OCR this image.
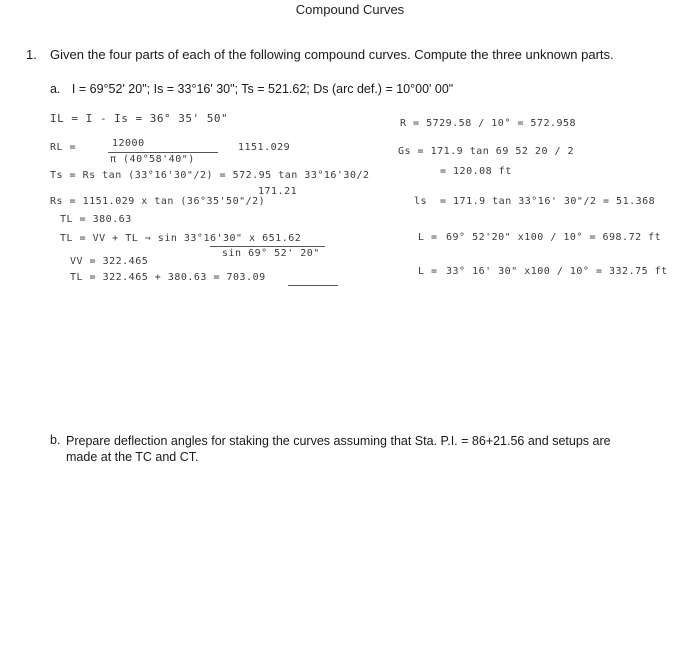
Compound Curves
1. Given the four parts of each of the following compound curves. Compute the three unknown parts.
a. I = 69°52' 20"; Is = 33°16' 30"; Ts = 521.62; Ds (arc def.) = 10°00' 00"
IL = I - Is = 36° 35' 50"
RL =	12000
π (40°58'40")
1151.029
Ts = Rs tan (33°16'30"/2) = 572.95 tan 33°16'30/2
171.21
Rs = 1151.029 x tan (36°35'50"/2)
TL = 380.63
TL = VV + TL ⇒ sin 33°16'30" x 651.62
sin 69° 52' 20"
VV = 322.465
TL = 322.465 + 380.63 = 703.09
R = 5729.58 / 10° = 572.958
Gs = 171.9 tan 69 52 20 / 2
= 120.08 ft
ls = 171.9 tan 33°16' 30"/2 = 51.368
L = 69° 52'20" x100 / 10° = 698.72 ft
L = 33° 16' 30" x100 / 10° = 332.75 ft
b. Prepare deflection angles for staking the curves assuming that Sta. P.I. = 86+21.56 and setups are made at the TC and CT.
